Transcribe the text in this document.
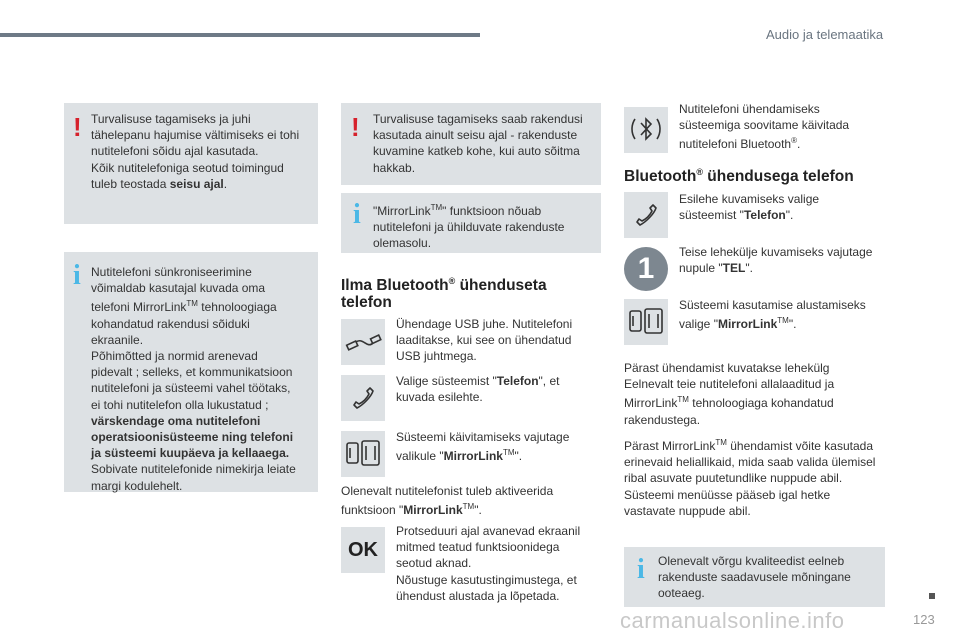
Audio ja telemaatika
! Turvalisuse tagamiseks ja juhi
tähelepanu hajumise vältimiseks ei tohi
nutitelefoni sõidu ajal kasutada.
Kõik nutitelefoniga seotud toimingud
tuleb teostada seisu ajal.
i Nutitelefoni sünkroniseerimine
võimaldab kasutajal kuvada oma
telefoni MirrorLink™ tehnoloogiaga
kohandatud rakendusi sõiduki
ekraanile.
Põhimõtted ja normid arenevad
pidevalt ; selleks, et kommunikatsioon
nutitelefoni ja süsteemi vahel töötaks,
ei tohi nutitelefon olla lukustatud ;
värskendage oma nutitelefoni
operatsioonisüsteeme ning telefoni
ja süsteemi kuupäeva ja kellaaega.
Sobivate nutitelefonide nimekirja leiate
margi kodulehelt.
! Turvalisuse tagamiseks saab rakendusi
kasutada ainult seisu ajal - rakenduste
kuvamine katkeb kohe, kui auto sõitma
hakkab.
i "MirrorLink™" funktsioon nõuab
nutitelefoni ja ühilduvate rakenduste
olemasolu.
Ilma Bluetooth® ühenduseta
telefon
Ühendage USB juhe. Nutitelefoni
laaditakse, kui see on ühendatud
USB juhtmega.
Valige süsteemist "Telefon", et
kuvada esilehte.
Süsteemi käivitamiseks vajutage
valikule "MirrorLink™".
Olenevalt nutitelefonist tuleb aktiveerida
funktsioon "MirrorLink™".
OK
Protseduuri ajal avanevad ekraanil
mitmed teatud funktsioonidega
seotud aknad.
Nõustuge kasutustingimustega, et
ühendust alustada ja lõpetada.
Nutitelefoni ühendamiseks
süsteemiga soovitame käivitada
nutitelefoni Bluetooth®.
Bluetooth® ühendusega telefon
Esilehe kuvamiseks valige
süsteemist "Telefon".
1	Teise lehekülje kuvamiseks vajutage
nupule "TEL".
Süsteemi kasutamise alustamiseks
valige "MirrorLink™".
Pärast ühendamist kuvatakse lehekülg
Eelnevalt teie nutitelefoni allalaaditud ja
MirrorLink™ tehnoloogiaga kohandatud
rakendustega.
Pärast MirrorLink™ ühendamist võite kasutada
erinevaid heliallikaid, mida saab valida ülemisel
ribal asuvate puutetundlike nuppude abil.
Süsteemi menüüsse pääseb igal hetke
vastavate nuppude abil.
i Olenevalt võrgu kvaliteedist eelneb
rakenduste saadavusele mõningane
ooteaeg.
carmanualsonline.info	123
